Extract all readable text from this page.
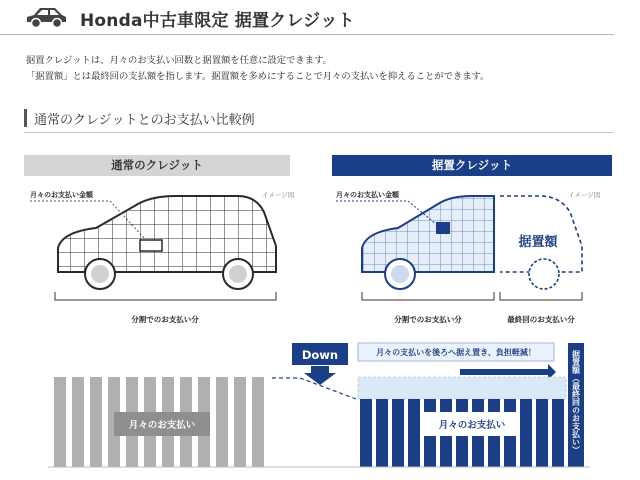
Honda中古車限定 据置クレジット
据置クレジットは、月々のお支払い回数と据置額を任意に設定できます。
「据置額」とは最終回の支払額を指します。据置額を多めにすることで月々の支払いを抑えることができます。
通常のクレジットとのお支払い比較例
通常のクレジット	据置クレジット
月々のお支払い金額	イメージ図
分割でのお支払い分
月々のお支払い金額	イメージ図
据置額
分割でのお支払い分	最終回のお支払い分
月々のお支払い
Down	月々の支払いを後ろへ据え置き、負担軽減！
月々のお支払い	据置額（最終回のお支払い）
